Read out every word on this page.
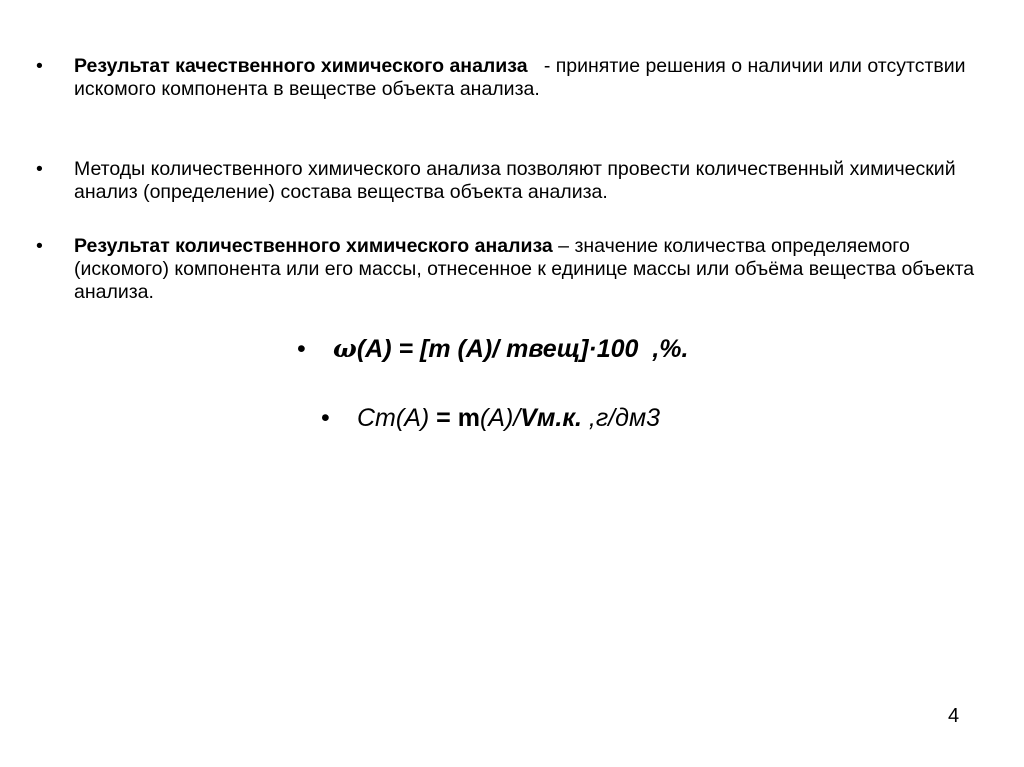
•	Результат качественного химического анализа   - принятие решения о наличии или отсутствии искомого компонента в веществе объекта анализа.
•	Методы количественного химического анализа позволяют провести количественный химический анализ (определение) состава вещества объекта анализа.
•	Результат количественного химического анализа – значение количества определяемого (искомого) компонента или его массы, отнесенное к единице массы или объёма вещества объекта анализа.
• ω(А) = [m (А)/ mвещ]·100  ,%.
• Cm(A) = m(A)/Vм.к. ,г/дм3
4
